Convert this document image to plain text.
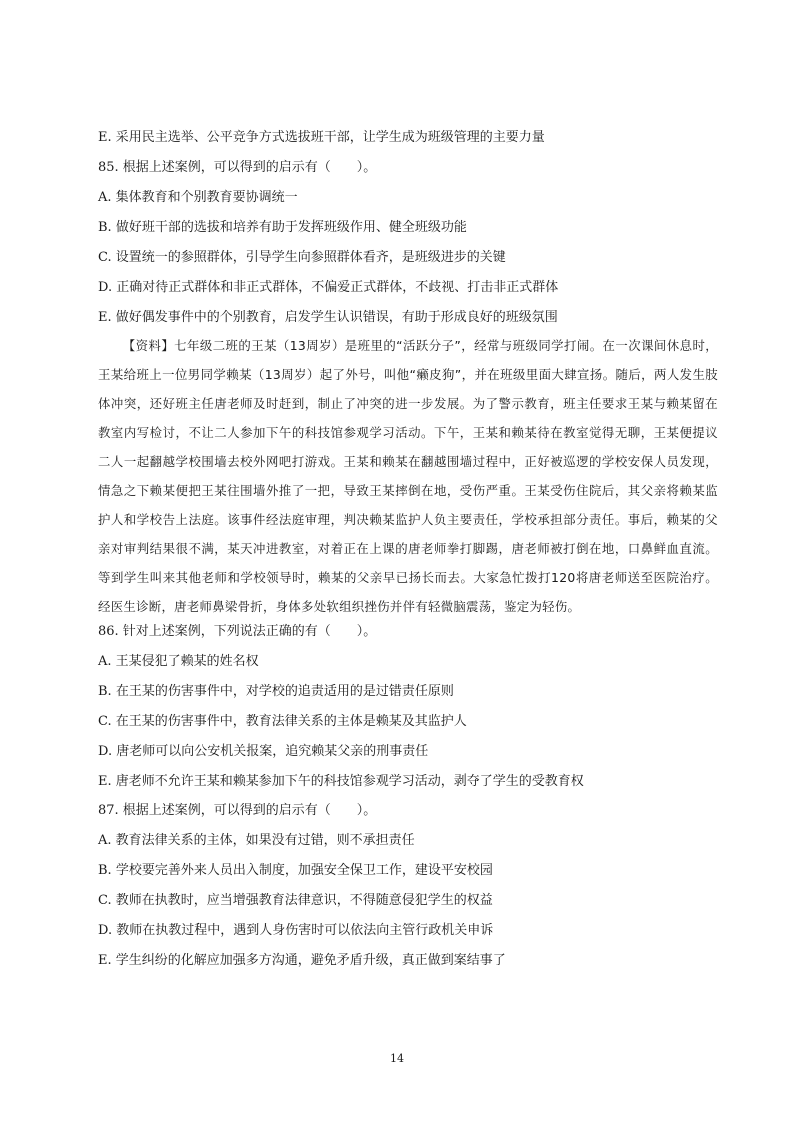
E. 采用民主选举、公平竞争方式选拔班干部，让学生成为班级管理的主要力量
85. 根据上述案例，可以得到的启示有（　　）。
A. 集体教育和个别教育要协调统一
B. 做好班干部的选拔和培养有助于发挥班级作用、健全班级功能
C. 设置统一的参照群体，引导学生向参照群体看齐，是班级进步的关键
D. 正确对待正式群体和非正式群体，不偏爱正式群体，不歧视、打击非正式群体
E. 做好偶发事件中的个别教育，启发学生认识错误，有助于形成良好的班级氛围
【资料】七年级二班的王某（13周岁）是班里的“活跃分子”，经常与班级同学打闹。在一次课间休息时，王某给班上一位男同学赖某（13周岁）起了外号，叫他“癞皮狗”，并在班级里面大肆宣扬。随后，两人发生肢体冲突，还好班主任唐老师及时赶到，制止了冲突的进一步发展。为了警示教育，班主任要求王某与赖某留在教室内写检讨，不让二人参加下午的科技馆参观学习活动。下午，王某和赖某待在教室觉得无聊，王某便提议二人一起翻越学校围墙去校外网吧打游戏。王某和赖某在翻越围墙过程中，正好被巡逻的学校安保人员发现，情急之下赖某便把王某往围墙外推了一把，导致王某摔倒在地，受伤严重。王某受伤住院后，其父亲将赖某监护人和学校告上法庭。该事件经法庭审理，判决赖某监护人负主要责任，学校承担部分责任。事后，赖某的父亲对审判结果很不满，某天冲进教室，对着正在上课的唐老师拳打脚踢，唐老师被打倒在地，口鼻鲜血直流。等到学生叫来其他老师和学校领导时，赖某的父亲早已扬长而去。大家急忙拨打120将唐老师送至医院治疗。经医生诊断，唐老师鼻梁骨折，身体多处软组织挫伤并伴有轻微脑震荡，鉴定为轻伤。
86. 针对上述案例，下列说法正确的有（　　）。
A. 王某侵犯了赖某的姓名权
B. 在王某的伤害事件中，对学校的追责适用的是过错责任原则
C. 在王某的伤害事件中，教育法律关系的主体是赖某及其监护人
D. 唐老师可以向公安机关报案，追究赖某父亲的刑事责任
E. 唐老师不允许王某和赖某参加下午的科技馆参观学习活动，剥夺了学生的受教育权
87. 根据上述案例，可以得到的启示有（　　）。
A. 教育法律关系的主体，如果没有过错，则不承担责任
B. 学校要完善外来人员出入制度，加强安全保卫工作，建设平安校园
C. 教师在执教时，应当增强教育法律意识，不得随意侵犯学生的权益
D. 教师在执教过程中，遇到人身伤害时可以依法向主管行政机关申诉
E. 学生纠纷的化解应加强多方沟通，避免矛盾升级，真正做到案结事了
14
